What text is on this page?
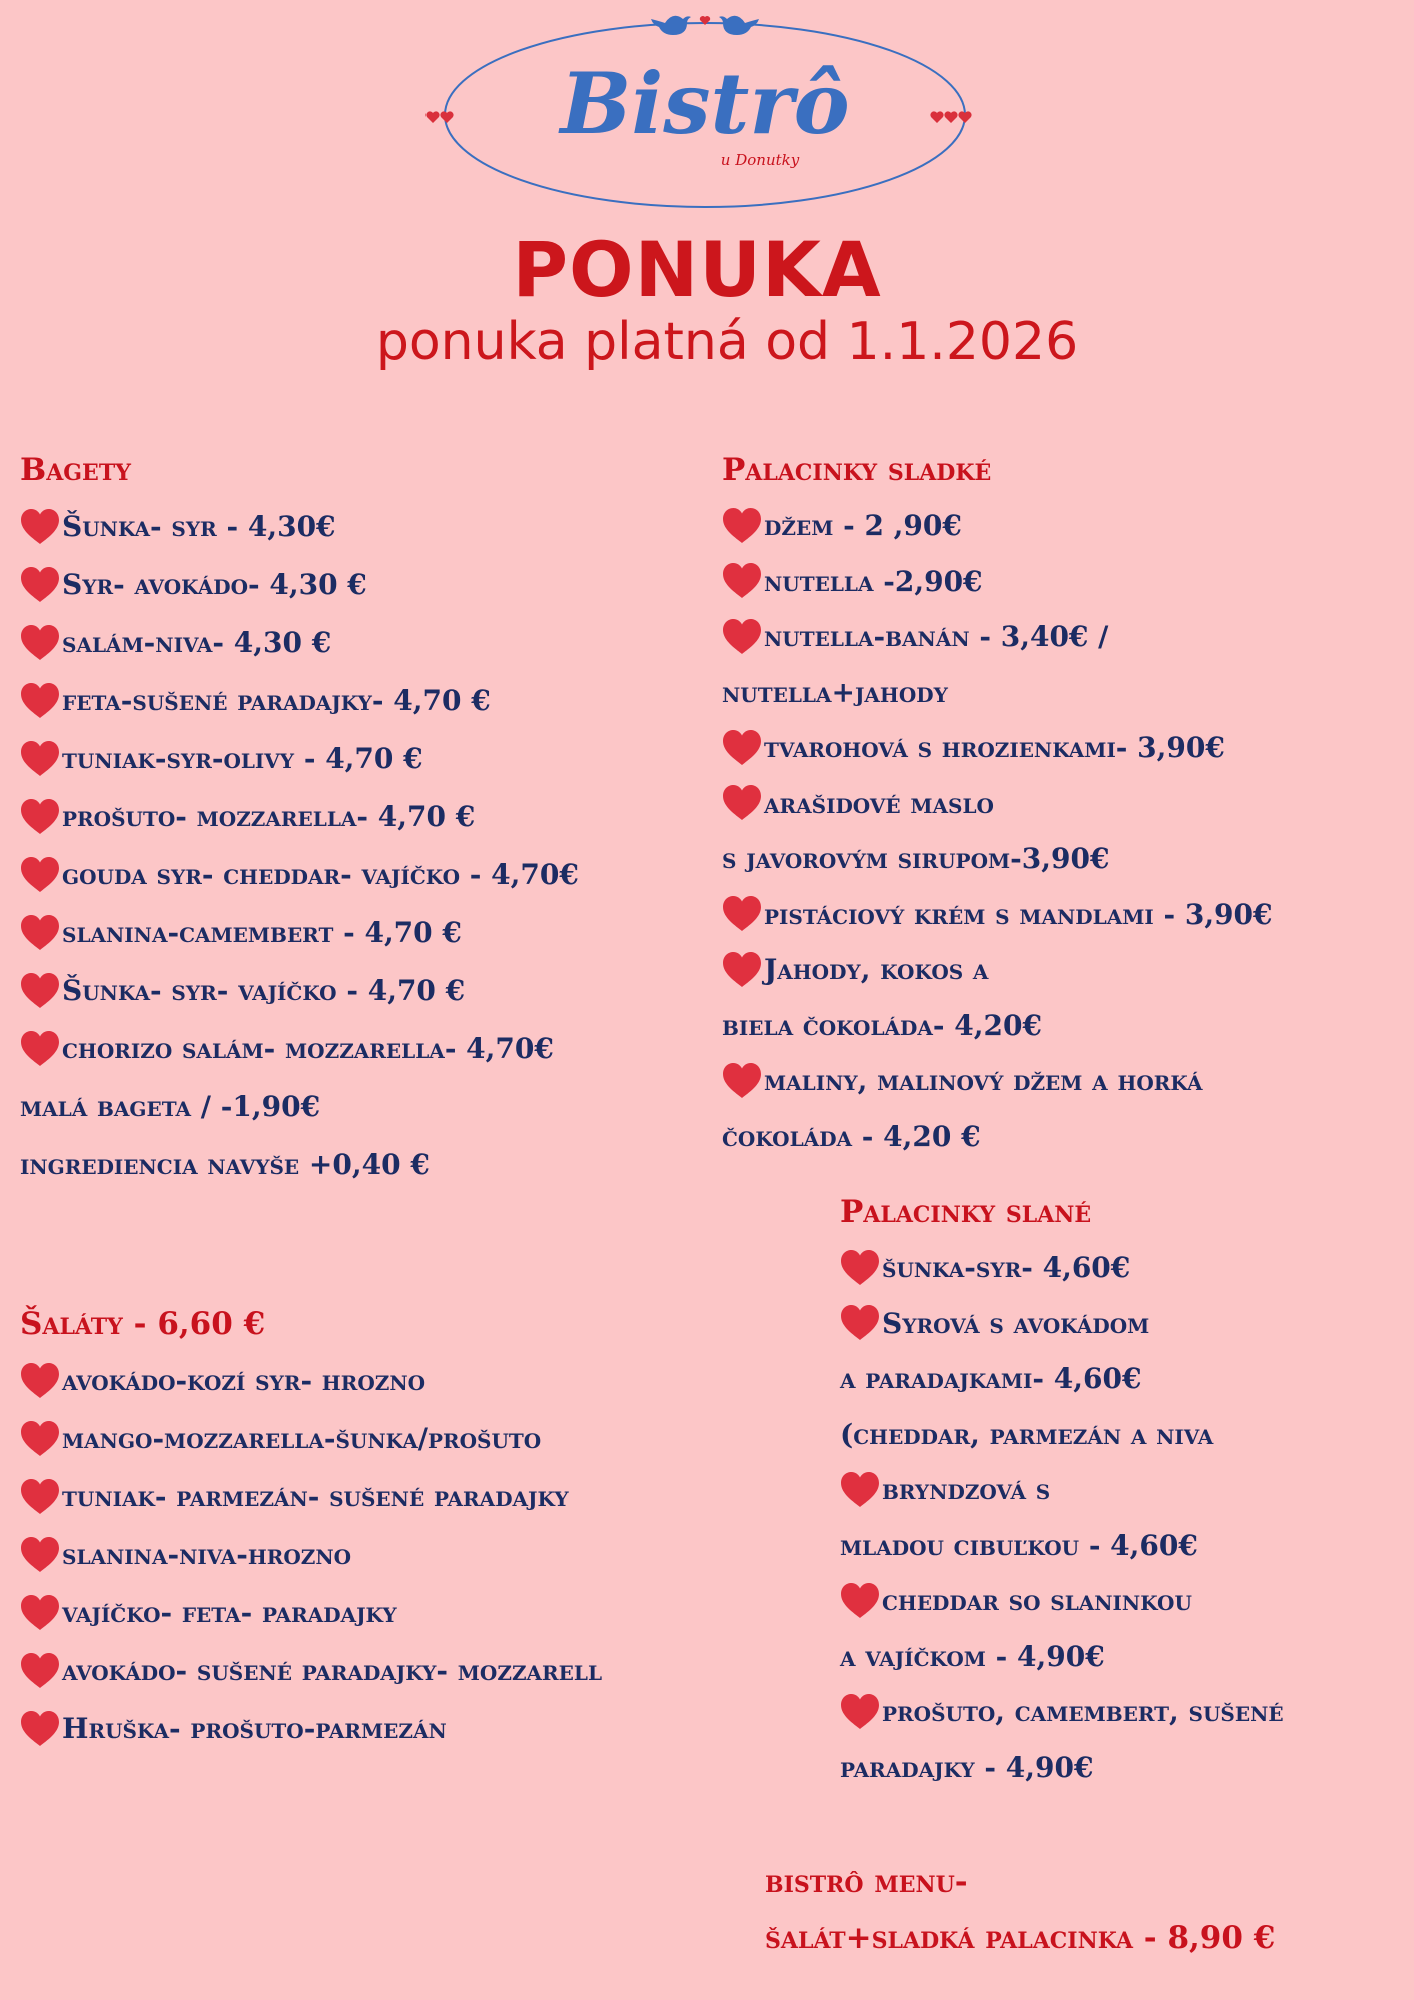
Bistrô
u Donutky
PONUKA
ponuka platná od 1.1.2026
Bagety
Šunka- syr - 4,30€
Syr- avokádo- 4,30 €
salám-niva- 4,30 €
feta-sušené paradajky- 4,70 €
tuniak-syr-olivy - 4,70 €
prošuto- mozzarella- 4,70 €
gouda syr- cheddar- vajíčko - 4,70€
slanina-camembert - 4,70 €
Šunka- syr- vajíčko - 4,70 €
chorizo salám- mozzarella- 4,70€
malá bageta / -1,90€
ingrediencia navyše +0,40 €
Šaláty - 6,60 €
avokádo-kozí syr- hrozno
mango-mozzarella-šunka/prošuto
tuniak- parmezán- sušené paradajky
slanina-niva-hrozno
vajíčko- feta- paradajky
avokádo- sušené paradajky- mozzarell
Hruška- prošuto-parmezán
Palacinky sladké
džem - 2 ,90€
nutella -2,90€
nutella-banán - 3,40€ /
nutella+jahody
tvarohová s hrozienkami- 3,90€
arašidové maslo
s javorovým sirupom-3,90€
pistáciový krém s mandlami - 3,90€
Jahody, kokos a
biela čokoláda- 4,20€
maliny, malinový džem a horká
čokoláda - 4,20 €
Palacinky slané
šunka-syr- 4,60€
Syrová s avokádom
a paradajkami- 4,60€
(cheddar, parmezán a niva
bryndzová s
mladou cibuľkou - 4,60€
cheddar so slaninkou
a vajíčkom - 4,90€
prošuto, camembert, sušené
paradajky - 4,90€
bistrô menu-
šalát+sladká palacinka - 8,90 €
